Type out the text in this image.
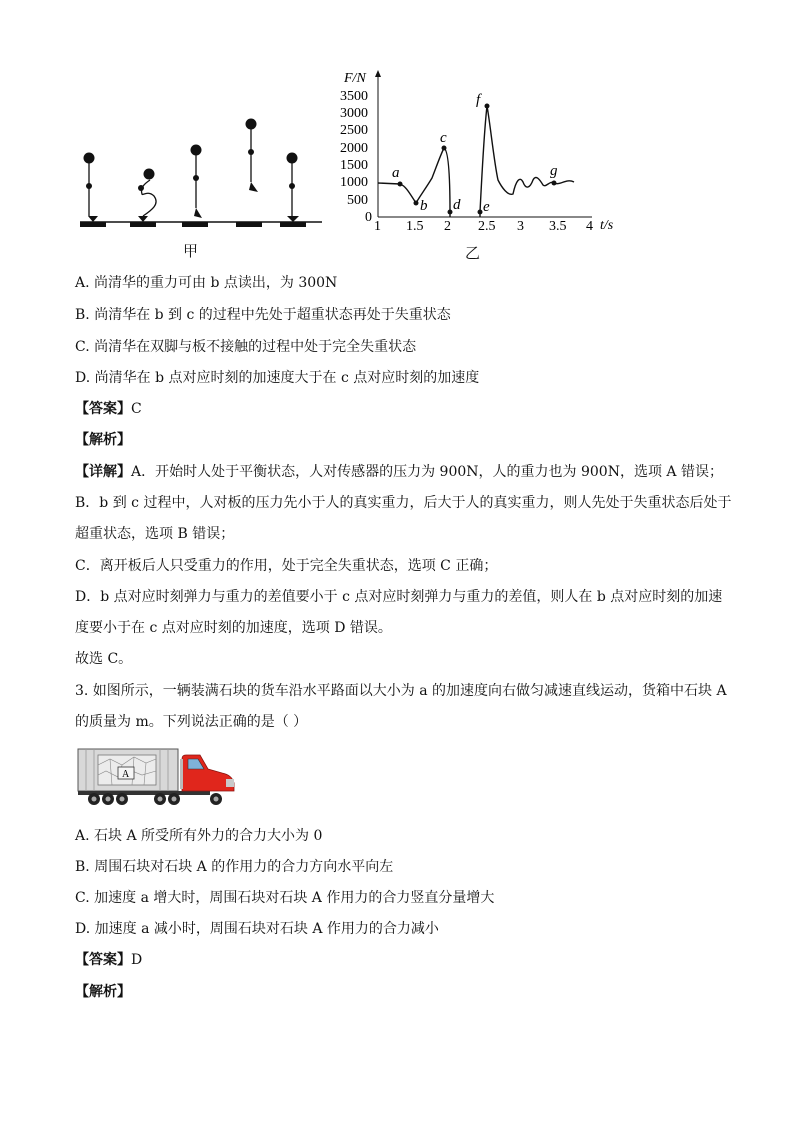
甲
F/N
t/s
3500
3000
2500
2000
1500
1000
500
0
1 1.5 2 2.5 3 3.5 4
a
b
c
d e
f
g
乙
A. 尚清华的重力可由 b 点读出，为 300N
B. 尚清华在 b 到 c 的过程中先处于超重状态再处于失重状态
C. 尚清华在双脚与板不接触的过程中处于完全失重状态
D. 尚清华在 b 点对应时刻的加速度大于在 c 点对应时刻的加速度
【答案】C
【解析】
【详解】A．开始时人处于平衡状态，人对传感器的压力为 900N，人的重力也为 900N，选项 A 错误；
B．b 到 c 过程中，人对板的压力先小于人的真实重力，后大于人的真实重力，则人先处于失重状态后处于
超重状态，选项 B 错误；
C．离开板后人只受重力的作用，处于完全失重状态，选项 C 正确；
D．b 点对应时刻弹力与重力的差值要小于 c 点对应时刻弹力与重力的差值，则人在 b 点对应时刻的加速
度要小于在 c 点对应时刻的加速度，选项 D 错误。
故选 C。
3. 如图所示，一辆装满石块的货车沿水平路面以大小为 a 的加速度向右做匀减速直线运动，货箱中石块 A
的质量为 m。下列说法正确的是（ ）
A
A. 石块 A 所受所有外力的合力大小为 0
B. 周围石块对石块 A 的作用力的合力方向水平向左
C. 加速度 a 增大时，周围石块对石块 A 作用力的合力竖直分量增大
D. 加速度 a 减小时，周围石块对石块 A 作用力的合力减小
【答案】D
【解析】
